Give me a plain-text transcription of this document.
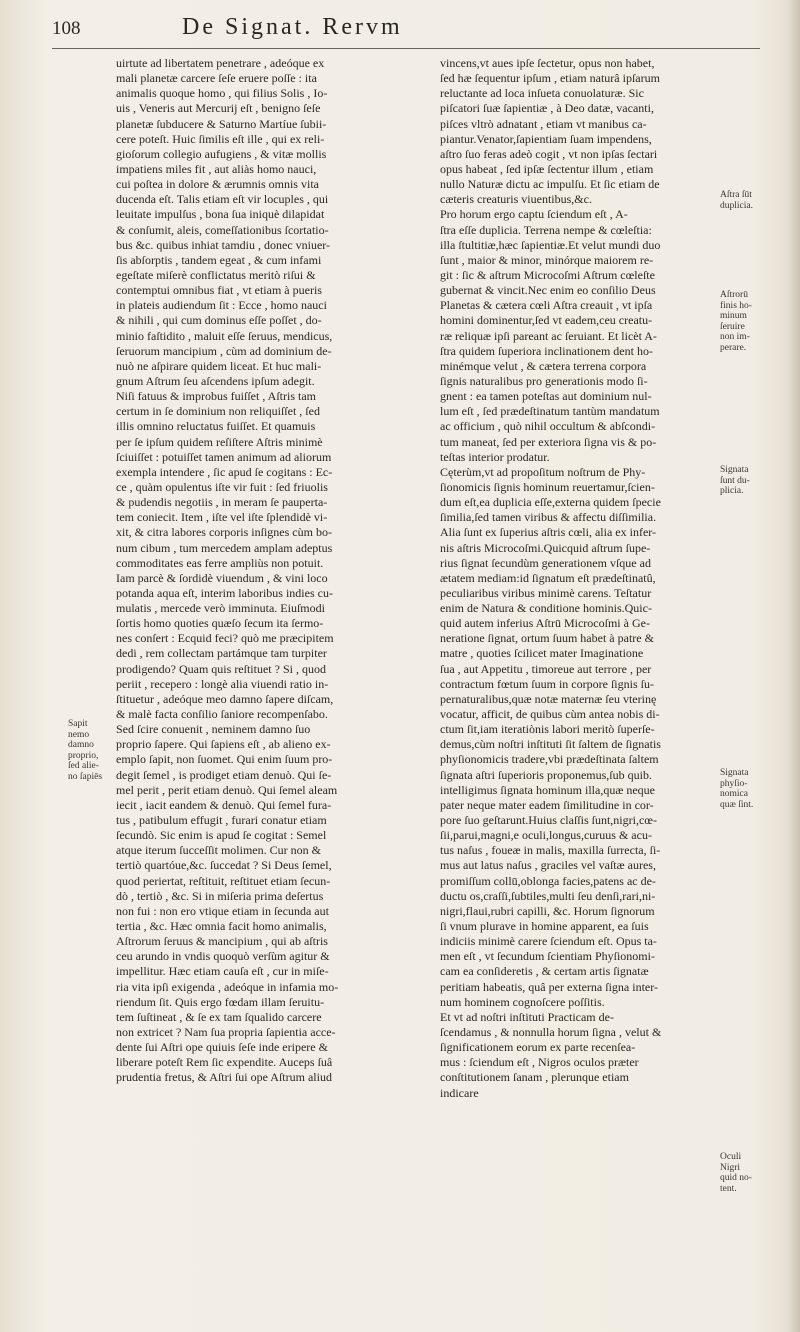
108	De Signat. Rervm
uirtute ad libertatem penetrare , adeóque ex
mali planetæ carcere ſeſe eruere poſſe : ita
animalis quoque homo , qui filius Solis , Io-
uis , Veneris aut Mercurij eſt , benigno ſeſe
planetæ ſubducere & Saturno Martíue ſubii-
cere poteſt. Huic ſimilis eſt ille , qui ex reli-
gioſorum collegio aufugiens , & vitæ mollis
impatiens miles fit , aut aliàs homo nauci,
cui poſtea in dolore & ærumnis omnis vita
ducenda eſt. Talis etiam eſt vir locuples , qui
leuitate impulſus , bona ſua iniquè dilapidat
& conſumit, aleis, comeſſationibus ſcortatio-
bus &c. quibus inhiat tamdiu , donec vniuer-
ſis abſorptis , tandem egeat , & cum infami
egeſtate miſerè conflictatus meritò riſui &
contemptui omnibus fiat , vt etiam à pueris
in plateis audiendum ſit : Ecce , homo nauci
& nihili , qui cum dominus eſſe poſſet , do-
minio faſtidito , maluit eſſe ſeruus, mendicus,
ſeruorum mancipium , cùm ad dominium de-
nuò ne aſpirare quidem liceat. Et huc mali-
gnum Aſtrum ſeu aſcendens ipſum adegit.
Niſi fatuus & improbus fuiſſet , Aſtris tam
certum in ſe dominium non reliquiſſet , ſed
illis omnino reluctatus fuiſſet. Et quamuis
per ſe ipſum quidem reſiſtere Aſtris minimè
ſciuiſſet : potuiſſet tamen animum ad aliorum
exempla intendere , ſic apud ſe cogitans : Ec-
ce , quàm opulentus iſte vir fuit : ſed friuolis
& pudendis negotiis , in meram ſe pauperta-
tem coniecit. Item , iſte vel iſte ſplendidè vi-
xit, & citra labores corporis inſignes cùm bo-
num cibum , tum mercedem amplam adeptus
commoditates eas ferre ampliùs non potuit.
Iam parcè & ſordidè viuendum , & vini loco
potanda aqua eſt, interim laboribus indies cu-
mulatis , mercede verò imminuta. Eiuſmodi
ſortis homo quoties quæſo ſecum ita ſermo-
nes conſert : Ecquid feci? quò me præcipitem
dedi , rem collectam partámque tam turpiter
prodigendo? Quam quis reſtituet ? Si , quod
periit , recepero : longè alia viuendi ratio in-
ſtituetur , adeóque meo damno ſapere diſcam,
& malè facta conſilio ſaniore recompenſabo.
Sed ſcire conuenit , neminem damno ſuo
proprio ſapere. Qui ſapiens eſt , ab alieno ex-
emplo ſapit, non ſuomet. Qui enim ſuum pro-
degit ſemel , is prodiget etiam denuò. Qui ſe-
mel perit , perit etiam denuò. Qui ſemel aleam
iecit , iacit eandem & denuò. Qui ſemel fura-
tus , patibulum effugit , furari conatur etiam
ſecundò. Sic enim is apud ſe cogitat : Semel
atque iterum ſucceſſit molimen. Cur non &
tertiò quartóue,&c. ſuccedat ? Si Deus ſemel,
quod periertat, reſtituit, reſtituet etiam ſecun-
dò , tertiò , &c. Si in miſeria prima deſertus
non fui : non ero vtique etiam in ſecunda aut
tertia , &c. Hæc omnia facit homo animalis,
Aſtrorum ſeruus & mancipium , qui ab aſtris
ceu arundo in vndis quoquò verſùm agitur &
impellitur. Hæc etiam cauſa eſt , cur in miſe-
ria vita ipſi exigenda , adeóque in infamia mo-
riendum ſit. Quis ergo fœdam illam ſeruitu-
tem ſuſtineat , & ſe ex tam ſqualido carcere
non extricet ? Nam ſua propria ſapientia acce-
dente ſui Aſtri ope quiuis ſeſe inde eripere &
liberare poteſt Rem ſic expendite. Auceps ſuâ
prudentia fretus, & Aſtri ſui ope Aſtrum aliud
vincens,vt aues ipſe ſectetur, opus non habet,
ſed hæ ſequentur ipſum , etiam naturâ ipſarum
reluctante ad loca inſueta conuolaturæ. Sic
piſcatori ſuæ ſapientiæ , à Deo datæ, vacanti,
piſces vltrò adnatant , etiam vt manibus ca-
piantur.Venator,ſapientiam ſuam impendens,
aſtro ſuo feras adeò cogit , vt non ipſas ſectari
opus habeat , ſed ipſæ ſectentur illum , etiam
nullo Naturæ dictu ac impulſu. Et ſic etiam de
cæteris creaturis viuentibus,&c.
Pro horum ergo captu ſciendum eſt , A-
ſtra eſſe duplicia. Terrena nempe & cœleſtia:
illa ſtultitiæ,hæc ſapientiæ.Et velut mundi duo
ſunt , maior & minor, minórque maiorem re-
git : ſic & aſtrum Microcoſmi Aſtrum cœleſte
gubernat & vincit.Nec enim eo conſilio Deus
Planetas & cætera cœli Aſtra creauit , vt ipſa
homini dominentur,ſed vt eadem,ceu creatu-
ræ reliquæ ipſi pareant ac ſeruiant. Et licèt A-
ſtra quidem ſuperiora inclinationem dent ho-
minémque velut , & cætera terrena corpora
ſignis naturalibus pro generationis modo ſi-
gnent : ea tamen poteſtas aut dominium nul-
lum eſt , ſed prædeſtinatum tantùm mandatum
ac officium , quò nihil occultum & abſcondi-
tum maneat, ſed per exteriora ſigna vis & po-
teſtas interior prodatur.
Cęterùm,vt ad propoſitum noſtrum de Phy-
ſionomicis ſignis hominum reuertamur,ſcien-
dum eſt,ea duplicia eſſe,externa quidem ſpecie
ſimilia,ſed tamen viribus & affectu diſſimilia.
Alia ſunt ex ſuperius aſtris cœli, alia ex infer-
nis aſtris Microcoſmi.Quicquid aſtrum ſupe-
rius ſignat ſecundùm generationem vſque ad
ætatem mediam:id ſignatum eſt prædeſtinatû,
peculiaribus viribus minimè carens. Teſtatur
enim de Natura & conditione hominis.Quic-
quid autem inferius Aſtrū Microcoſmi à Ge-
neratione ſignat, ortum ſuum habet à patre &
matre , quoties ſcilicet mater Imaginatione
ſua , aut Appetitu , timoreue aut terrore , per
contractum fœtum ſuum in corpore ſignis ſu-
pernaturalibus,quæ notæ maternæ ſeu vterinę
vocatur, afficit, de quibus cùm antea nobis di-
ctum ſit,iam iteratiònis labori meritò ſuperſe-
demus,cùm noſtri inſtituti ſit ſaltem de ſignatis
phyſionomicis tradere,vbi prædeſtinata ſaltem
ſignata aſtri ſuperioris proponemus,ſub quib.
intelligimus ſignata hominum illa,quæ neque
pater neque mater eadem ſimilitudine in cor-
pore ſuo geſtarunt.Huius claſſis ſunt,nigri,cœ-
ſii,parui,magni,e oculi,longus,curuus & acu-
tus naſus , foueæ in malis, maxilla ſurrecta, ſi-
mus aut latus naſus , graciles vel vaſtæ aures,
promiſſum collū,oblonga facies,patens ac de-
ductu os,craſſi,ſubtiles,multi ſeu denſi,rari,ni-
nigri,flaui,rubri capilli, &c. Horum ſignorum
ſi vnum plurave in homine apparent, ea ſuis
indiciis minimè carere ſciendum eſt. Opus ta-
men eſt , vt ſecundum ſcientiam Phyſionomi-
cam ea conſideretis , & certam artis ſignatæ
peritiam habeatis, quâ per externa ſigna inter-
num hominem cognoſcere poſſitis.
Et vt ad noſtri inſtituti Practicam de-
ſcendamus , & nonnulla horum ſigna , velut &
ſignificationem eorum ex parte recenſea-
mus : ſciendum eſt , Nigros oculos præter
conſtitutionem ſanam , plerunque etiam
indicare
Sapit
nemo
damno
proprio,
ſed alie-
no ſapiēs
Aſtra ſūt
duplicia.
Aſtrorū
finis ho-
minum
ſeruire
non im-
perare.
Signata
ſunt du-
plicia.
Signata
phyſio-
nomica
quæ ſint.
Oculi
Nigri
quid no-
tent.
